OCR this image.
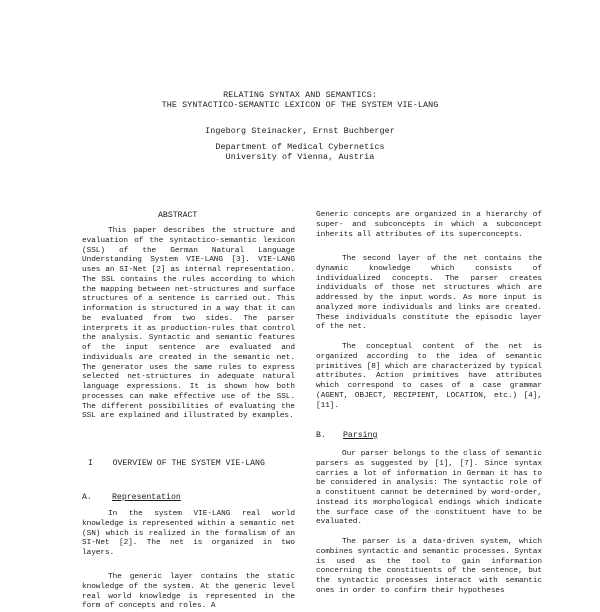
RELATING SYNTAX AND SEMANTICS:
THE SYNTACTICO-SEMANTIC LEXICON OF THE SYSTEM VIE-LANG
Ingeborg Steinacker, Ernst Buchberger
Department of Medical Cybernetics
University of Vienna, Austria
ABSTRACT
This paper describes the structure and evaluation of the syntactico-semantic lexicon (SSL) of the German Natural Language Understanding System VIE-LANG [3]. VIE-LANG uses an SI-Net [2] as internal representation. The SSL contains the rules according to which the mapping between net-structures and surface structures of a sentence is carried out. This information is structured in a way that it can be evaluated from two sides. The parser interprets it as production-rules that control the analysis. Syntactic and semantic features of the input sentence are evaluated and individuals are created in the semantic net. The generator uses the same rules to express selected net-structures in adequate natural language expressions. It is shown how both processes can make effective use of the SSL. The different possibilities of evaluating the SSL are explained and illustrated by examples.
I    OVERVIEW OF THE SYSTEM VIE-LANG
A. Representation
In the system VIE-LANG real world knowledge is represented within a semantic net (SN) which is realized in the formalism of an SI-Net [2]. The net is organized in two layers.
The generic layer contains the static knowledge of the system. At the generic level real world knowledge is represented in the form of concepts and roles. A
Generic concepts are organized in a hierarchy of super- and subconcepts in which a subconcept inherits all attributes of its superconcepts.
The second layer of the net contains the dynamic knowledge which consists of individualized concepts. The parser creates individuals of those net structures which are addressed by the input words. As more input is analyzed more individuals and links are created. These individuals constitute the episodic layer of the net.
The conceptual content of the net is organized according to the idea of semantic primitives [8] which are characterized by typical attributes. Action primitives have attributes which correspond to cases of a case grammar (AGENT, OBJECT, RECIPIENT, LOCATION, etc.) [4], [11].
B. Parsing
Our parser belongs to the class of semantic parsers as suggested by [1], [7]. Since syntax carries a lot of information in German it has to be considered in analysis: The syntactic role of a constituent cannot be determined by word-order, instead its morphological endings which indicate the surface case of the constituent have to be evaluated.
The parser is a data-driven system, which combines syntactic and semantic processes. Syntax is used as the tool to gain information concerning the constituents of the sentence, but the syntactic processes interact with semantic ones in order to confirm their hypotheses
